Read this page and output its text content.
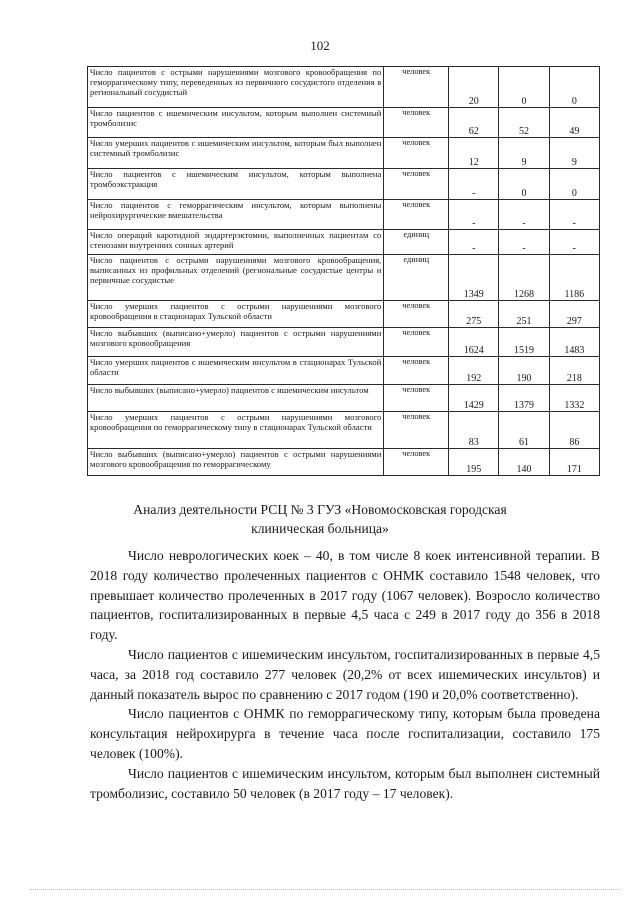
102
Число пациентов с острыми нарушениями мозгового кровообращения по геморрагическому типу, переведенных из первичного сосудистого отделения в региональный сосудистый	человек	20	0	0
Число пациентов с ишемическим инсультом, которым выполнен системный тромболизис	человек	62	52	49
Число умерших пациентов с ишемическим инсультом, которым был выполнен системный тромболизис	человек	12	9	9
Число пациентов с ишемическим инсультом, которым выполнена тромбоэкстракция	человек	-	0	0
Число пациентов с геморрагическим инсультом, которым выполнены нейрохирургические вмешательства	человек	-	-	-
Число операций каротидной эндартерэктомии, выполненных пациентам со стенозами внутренних сонных артерий	единиц	-	-	-
Число пациентов с острыми нарушениями мозгового кровообращения, выписанных из профильных отделений (региональные сосудистые центры и первичные сосудистые	единиц	1349	1268	1186
Число умерших пациентов с острыми нарушениями мозгового кровообращения в стационарах Тульской области	человек	275	251	297
Число выбывших (выписано+умерло) пациентов с острыми нарушениями мозгового кровообращения	человек	1624	1519	1483
Число умерших пациентов с ишемическим инсультом в стационарах Тульской области	человек	192	190	218
Число выбывших (выписано+умерло) пациентов с ишемическим инсультом	человек	1429	1379	1332
Число умерших пациентов с острыми нарушениями мозгового кровообращения по геморрагическому типу в стационарах Тульской области	человек	83	61	86
Число выбывших (выписано+умерло) пациентов с острыми нарушениями мозгового кровообращения по геморрагическому	человек	195	140	171
Анализ деятельности РСЦ № 3 ГУЗ «Новомосковская городская
клиническая больница»

Число неврологических коек – 40, в том числе 8 коек интенсивной терапии. В 2018 году количество пролеченных пациентов с ОНМК составило 1548 человек, что превышает количество пролеченных в 2017 году (1067 человек). Возросло количество пациентов, госпитализированных в первые 4,5 часа с 249 в 2017 году до 356 в 2018 году.

Число пациентов с ишемическим инсультом, госпитализированных в первые 4,5 часа, за 2018 год составило 277 человек (20,2% от всех ишемических инсультов) и данный показатель вырос по сравнению с 2017 годом (190 и 20,0% соответственно).

Число пациентов с ОНМК по геморрагическому типу, которым была проведена консультация нейрохирурга в течение часа после госпитализации, составило 175 человек (100%).

Число пациентов с ишемическим инсультом, которым был выполнен системный тромболизис, составило 50 человек (в 2017 году – 17 человек).
